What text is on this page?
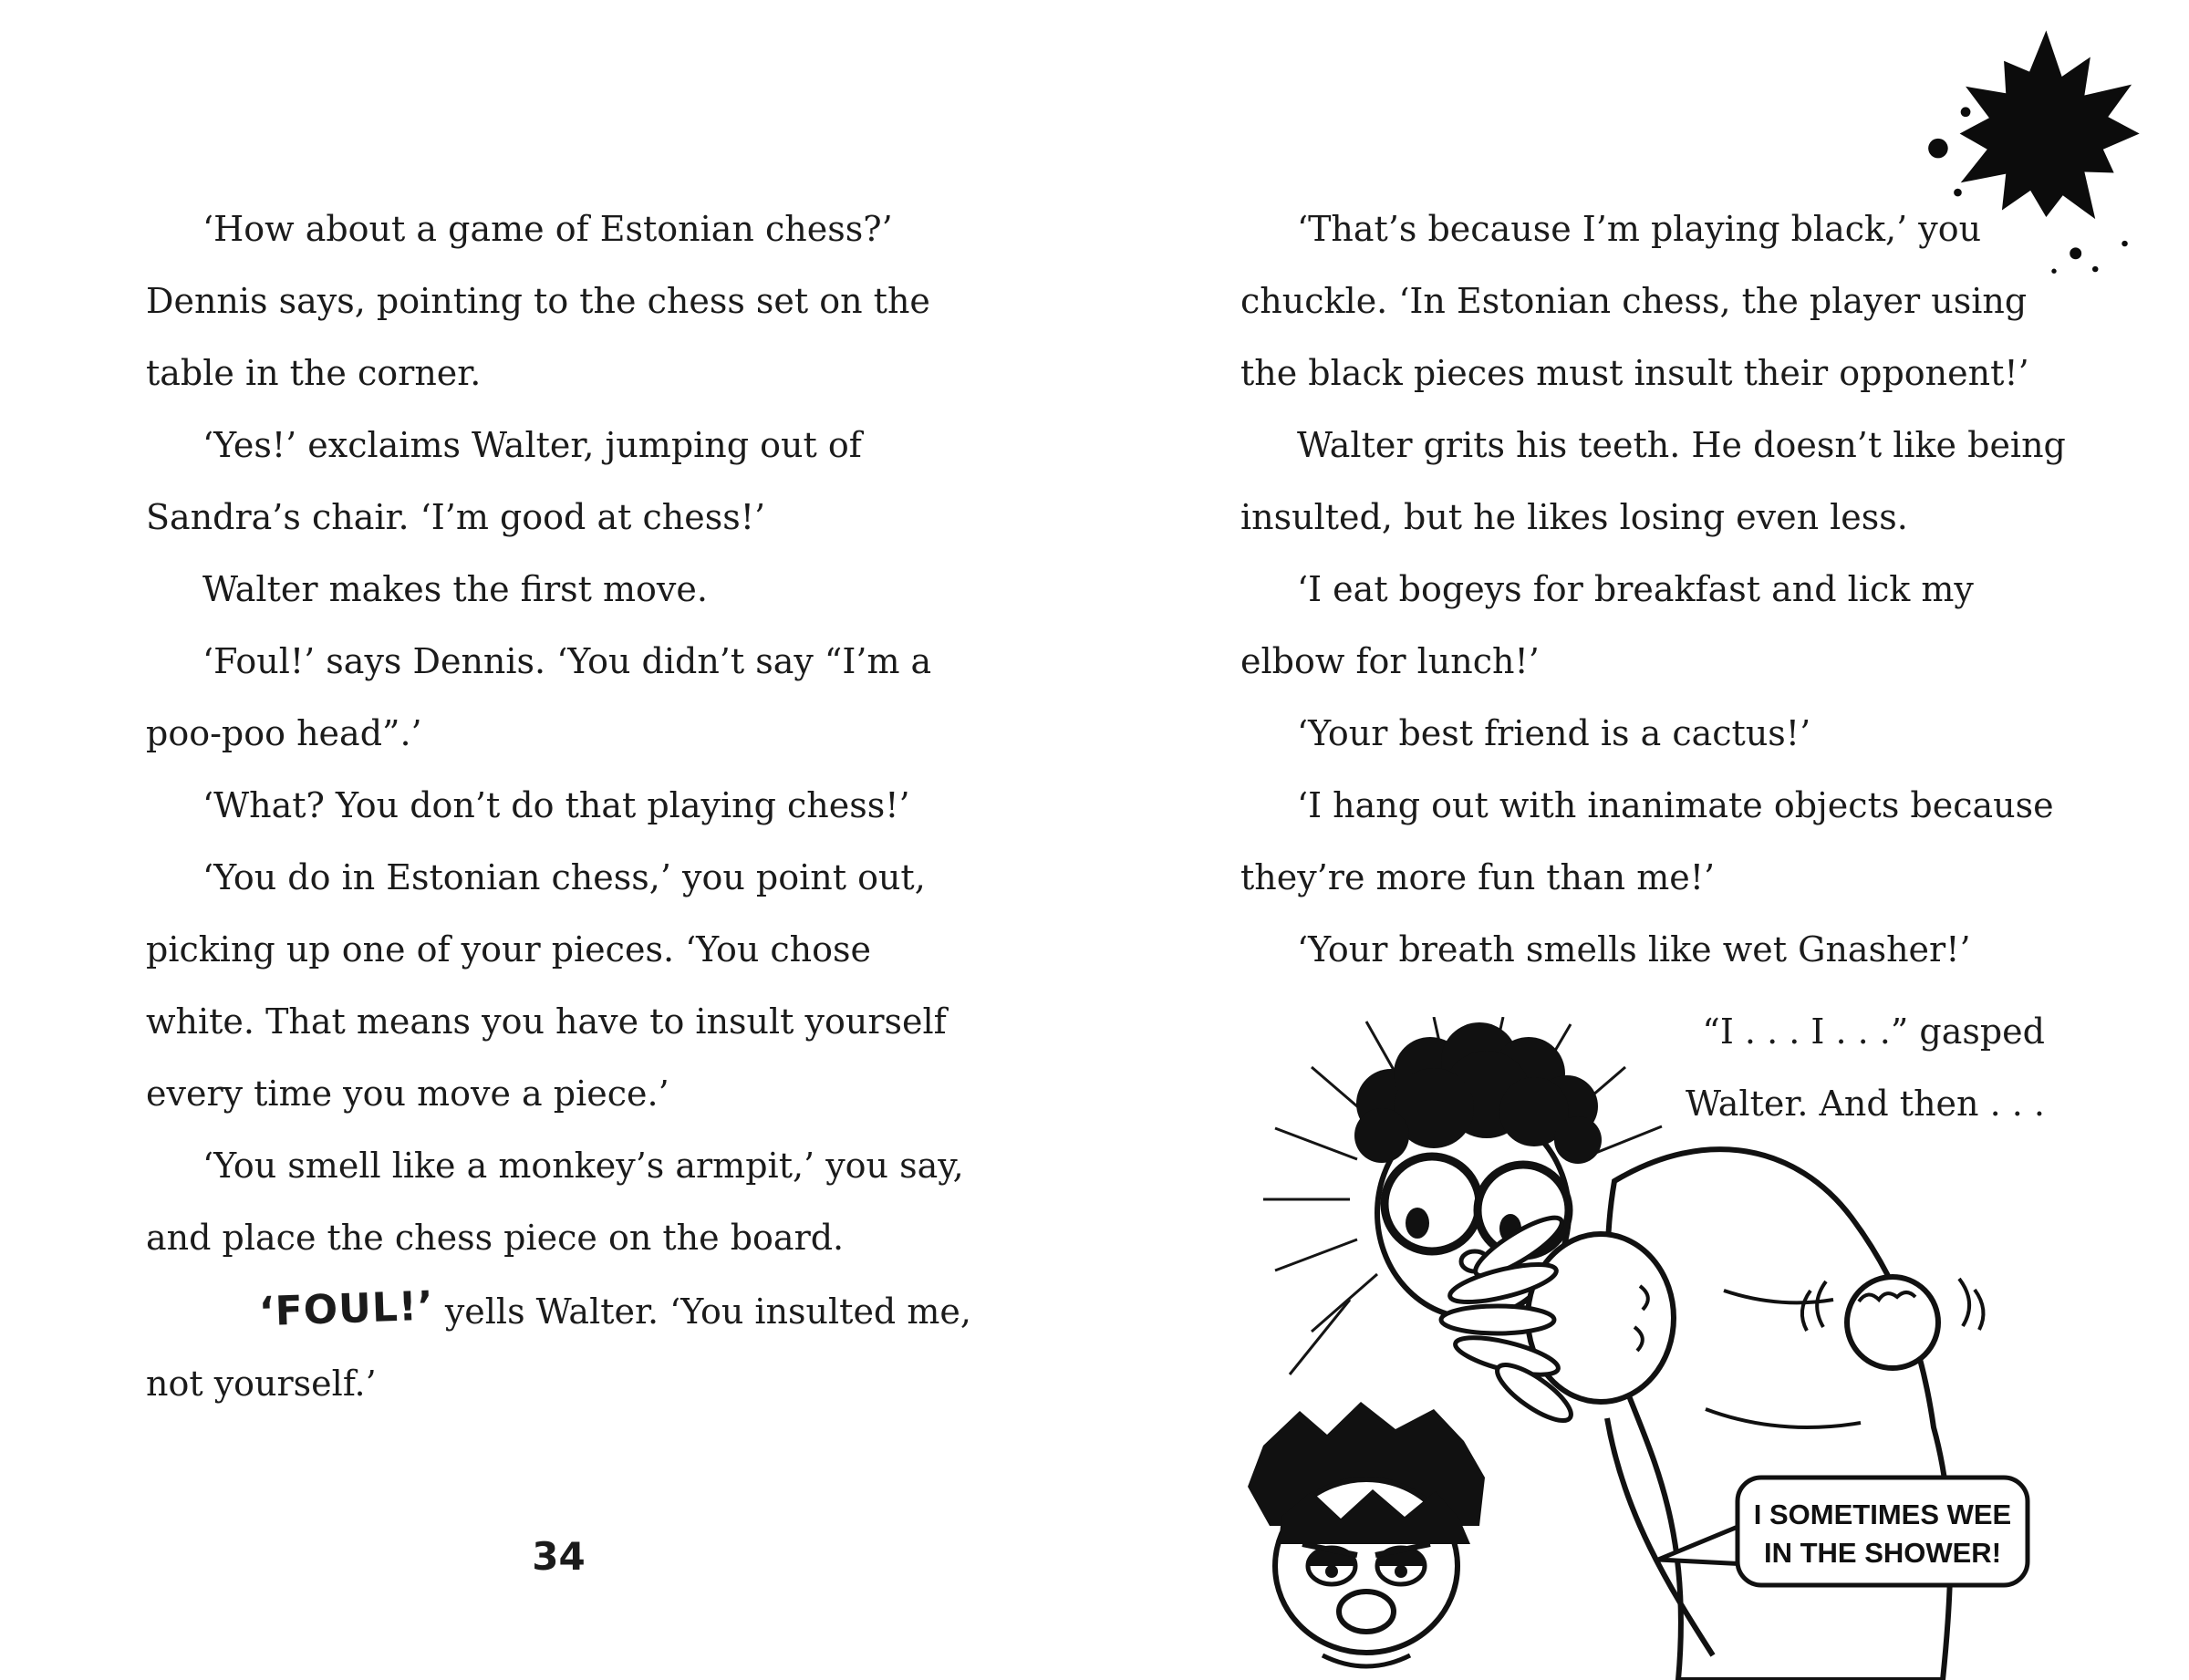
‘How about a game of Estonian chess?’ Dennis says, pointing to the chess set on the table in the corner.

‘Yes!’ exclaims Walter, jumping out of Sandra’s chair. ‘I’m good at chess!’

Walter makes the first move.

‘Foul!’ says Dennis. ‘You didn’t say “I’m a poo-poo head”.’

‘What? You don’t do that playing chess!’

‘You do in Estonian chess,’ you point out, picking up one of your pieces. ‘You chose white. That means you have to insult yourself every time you move a piece.’

‘You smell like a monkey’s armpit,’ you say, and place the chess piece on the board.

‘FOUL!’ yells Walter. ‘You insulted me, not yourself.’

34

‘That’s because I’m playing black,’ you chuckle. ‘In Estonian chess, the player using the black pieces must insult their opponent!’

Walter grits his teeth. He doesn’t like being insulted, but he likes losing even less.

‘I eat bogeys for breakfast and lick my elbow for lunch!’

‘Your best friend is a cactus!’

‘I hang out with inanimate objects because they’re more fun than me!’

‘Your breath smells like wet Gnasher!’

“I . . . I . . .” gasped
Walter. And then . . .
I SOMETIMES WEE
IN THE SHOWER!
